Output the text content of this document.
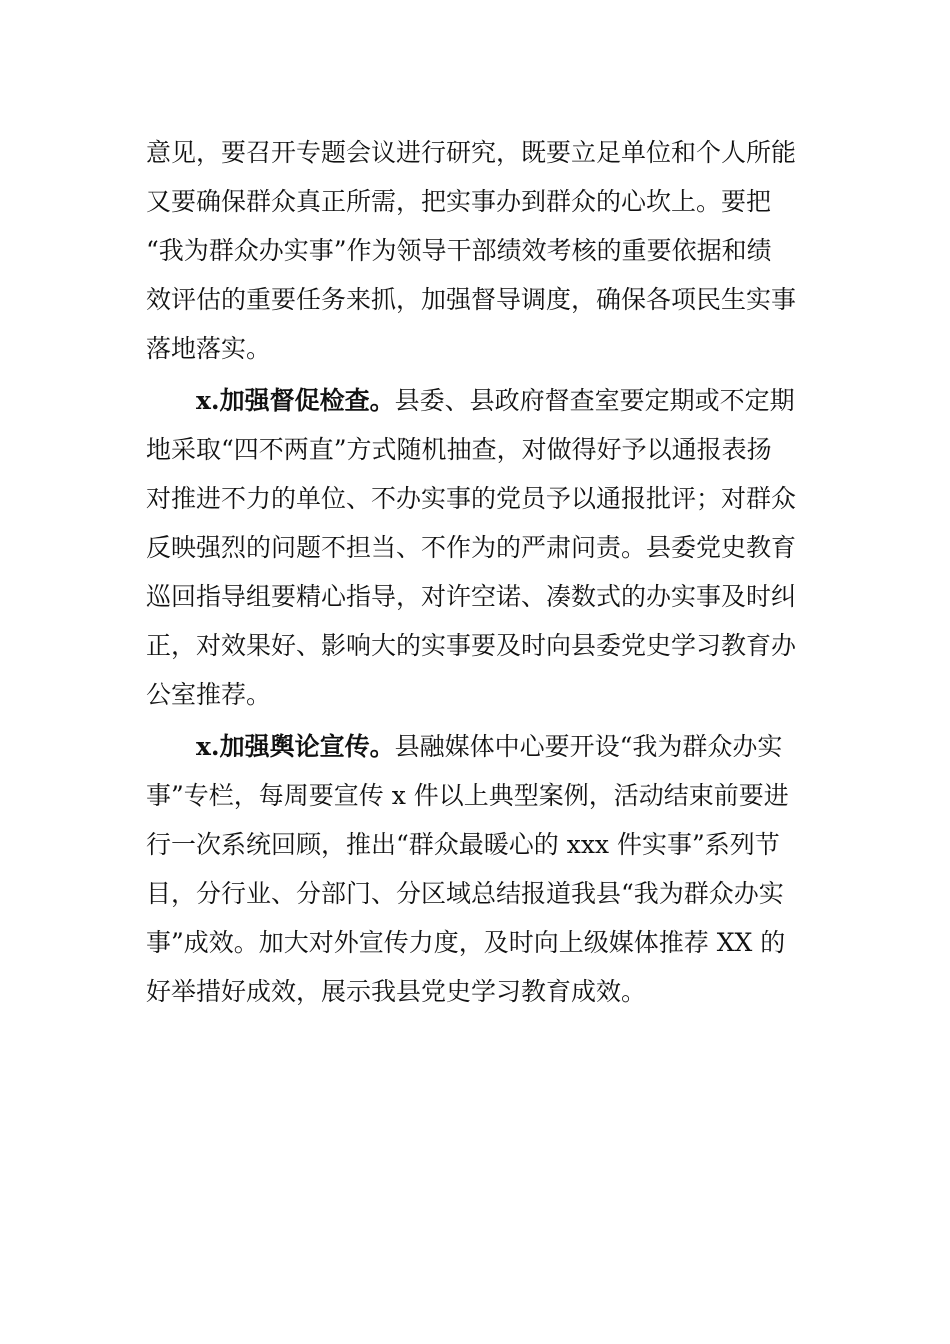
意见，要召开专题会议进行研究，既要立足单位和个人所能
又要确保群众真正所需，把实事办到群众的心坎上。要把
“我为群众办实事”作为领导干部绩效考核的重要依据和绩
效评估的重要任务来抓，加强督导调度，确保各项民生实事
落地落实。
x.加强督促检查。县委、县政府督查室要定期或不定期
地采取“四不两直”方式随机抽查，对做得好予以通报表扬
对推进不力的单位、不办实事的党员予以通报批评；对群众
反映强烈的问题不担当、不作为的严肃问责。县委党史教育
巡回指导组要精心指导，对许空诺、凑数式的办实事及时纠
正，对效果好、影响大的实事要及时向县委党史学习教育办
公室推荐。
x.加强舆论宣传。县融媒体中心要开设“我为群众办实
事”专栏，每周要宣传 x 件以上典型案例，活动结束前要进
行一次系统回顾，推出“群众最暖心的 xxx 件实事”系列节
目，分行业、分部门、分区域总结报道我县“我为群众办实
事”成效。加大对外宣传力度，及时向上级媒体推荐 XX 的
好举措好成效，展示我县党史学习教育成效。
